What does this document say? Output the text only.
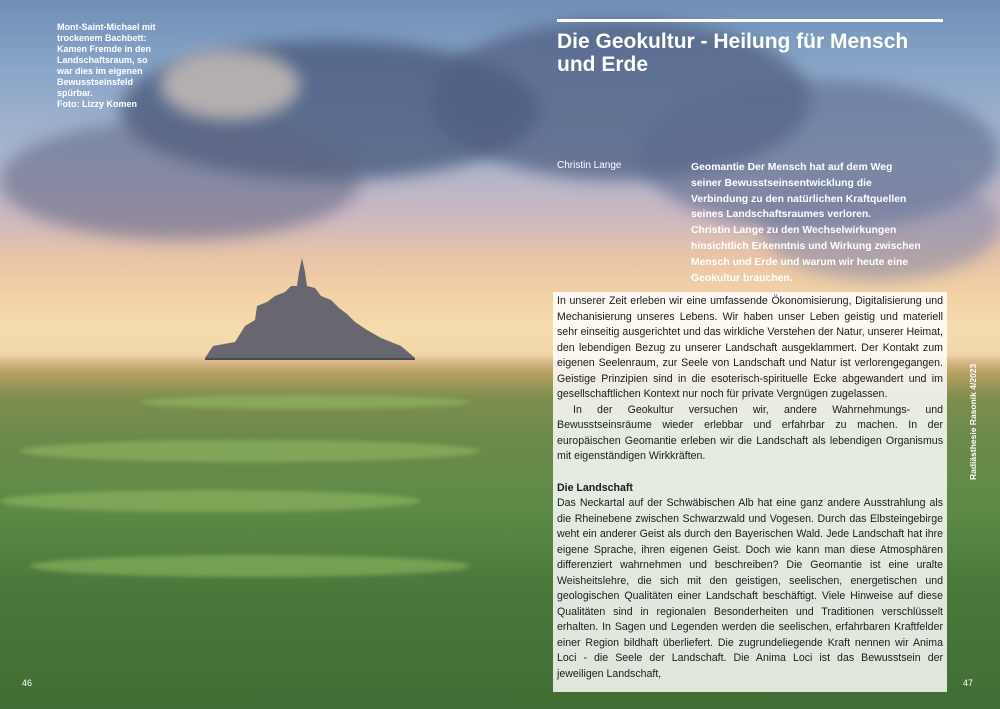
Mont-Saint-Michael mit
trockenem Bachbett:
Kamen Fremde in den
Landschaftsraum, so
war dies im eigenen
Bewusstseinsfeld
spürbar.
Foto: Lizzy Komen
Die Geokultur - Heilung für Mensch und Erde
Christin Lange	Geomantie Der Mensch hat auf dem Weg
seiner Bewusstseinsentwicklung die
Verbindung zu den natürlichen Kraftquellen
seines Landschaftsraumes verloren.
Christin Lange zu den Wechselwirkungen
hinsichtlich Erkenntnis und Wirkung zwischen
Mensch und Erde und warum wir heute eine
Geokultur brauchen.

In unserer Zeit erleben wir eine umfassende Ökonomisierung, Digitalisierung und Mechanisierung unseres Lebens. Wir haben unser Leben geistig und materiell sehr einseitig ausgerichtet und das wirkliche Verstehen der Natur, unserer Heimat, den lebendigen Bezug zu unserer Landschaft ausgeklammert. Der Kontakt zum eigenen Seelenraum, zur Seele von Landschaft und Natur ist verlorengegangen. Geistige Prinzipien sind in die esoterisch-spirituelle Ecke abgewandert und im gesellschaftlichen Kontext nur noch für private Vergnügen zugelassen.

In der Geokultur versuchen wir, andere Wahrnehmungs- und Bewusstseinsräume wieder erlebbar und erfahrbar zu machen. In der europäischen Geomantie erleben wir die Landschaft als lebendigen Organismus mit eigenständigen Wirkkräften.

Die Landschaft

Das Neckartal auf der Schwäbischen Alb hat eine ganz andere Ausstrahlung als die Rheinebene zwischen Schwarzwald und Vogesen. Durch das Elbsteingebirge weht ein anderer Geist als durch den Bayerischen Wald. Jede Landschaft hat ihre eigene Sprache, ihren eigenen Geist. Doch wie kann man diese Atmosphären differenziert wahrnehmen und beschreiben? Die Geomantie ist eine uralte Weisheitslehre, die sich mit den geistigen, seelischen, energetischen und geologischen Qualitäten einer Landschaft beschäftigt. Viele Hinweise auf diese Qualitäten sind in regionalen Besonderheiten und Traditionen verschlüsselt erhalten. In Sagen und Legenden werden die seelischen, erfahrbaren Kraftfelder einer Region bildhaft überliefert. Die zugrundeliegende Kraft nennen wir Anima Loci - die Seele der Landschaft. Die Anima Loci ist das Bewusstsein der jeweiligen Landschaft,

Radiästhesie Rasonik 4/2023
46	47
